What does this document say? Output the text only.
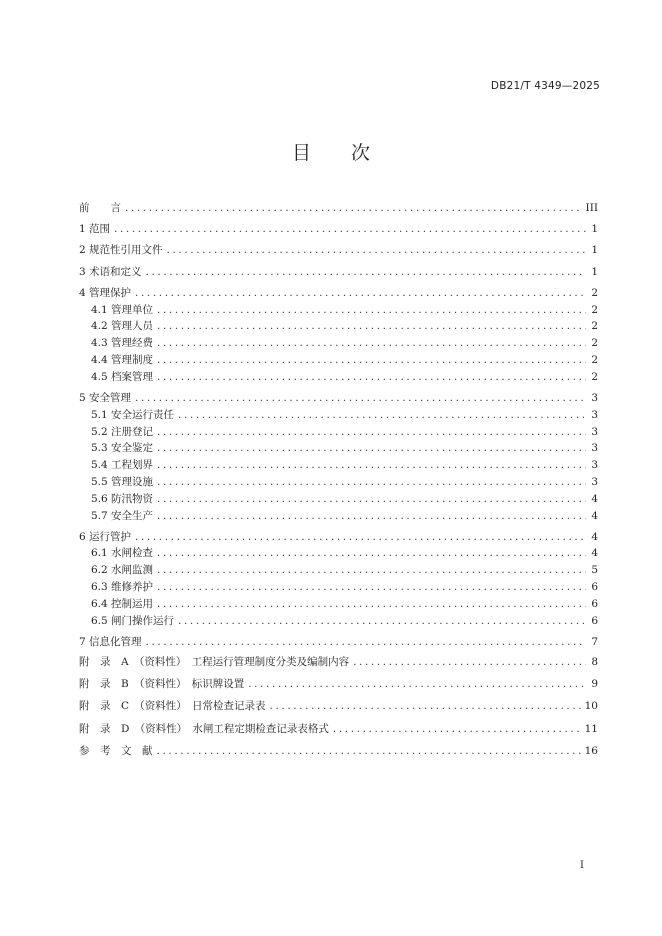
DB21/T 4349—2025
目 次
前　　言 .....	III
1 范围 .....	1
2 规范性引用文件 .....	1
3 术语和定义 .....	1
4 管理保护 .....	2
4.1 管理单位 .....	2
4.2 管理人员 .....	2
4.3 管理经费 .....	2
4.4 管理制度 .....	2
4.5 档案管理 .....	2
5 安全管理 .....	3
5.1 安全运行责任 .....	3
5.2 注册登记 .....	3
5.3 安全鉴定 .....	3
5.4 工程划界 .....	3
5.5 管理设施 .....	3
5.6 防汛物资 .....	4
5.7 安全生产 .....	4
6 运行管护 .....	4
6.1 水闸检查 .....	4
6.2 水闸监测 .....	5
6.3 维修养护 .....	6
6.4 控制运用 .....	6
6.5 闸门操作运行 .....	6
7 信息化管理 .....	7
附　录　A　（资料性）　工程运行管理制度分类及编制内容 .....	8
附　录　B　（资料性）　标识牌设置 .....	9
附　录　C　（资料性）　日常检查记录表 .....	10
附　录　D　（资料性）　水闸工程定期检查记录表格式 .....	11
参　考　文　献 .....	16
I
